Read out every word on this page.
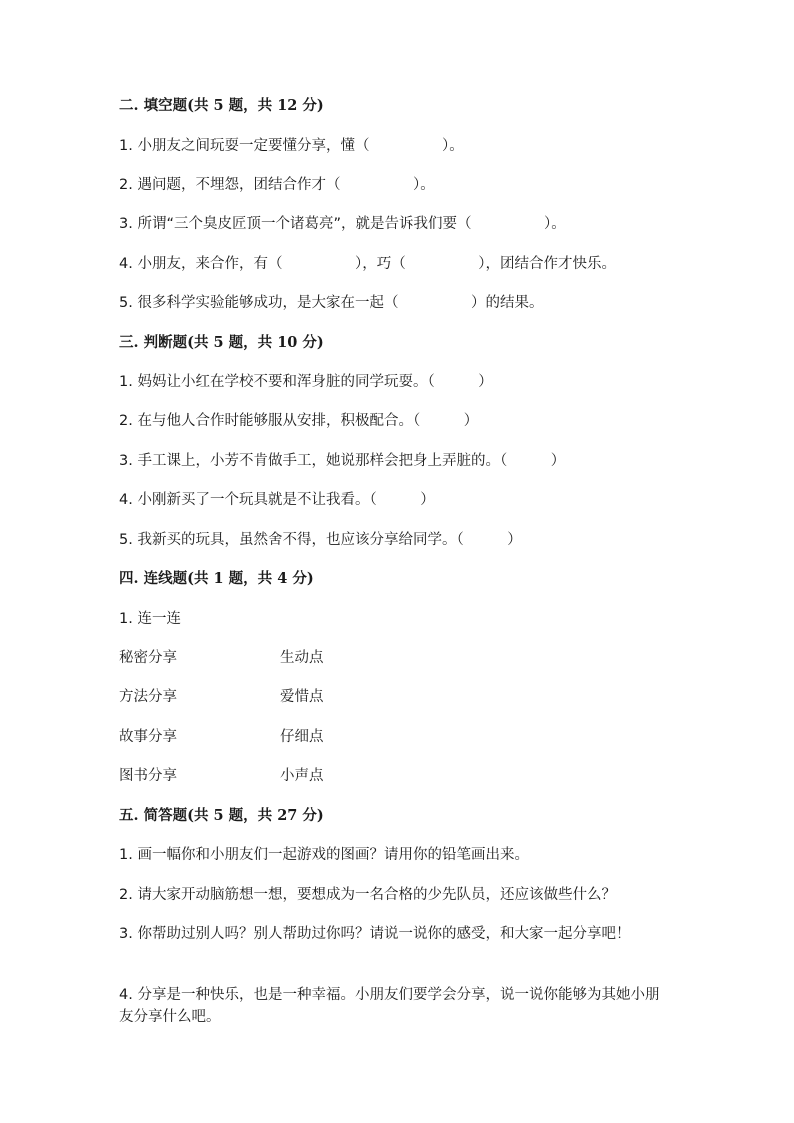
二. 填空题(共 5 题，共 12 分)
1. 小朋友之间玩耍一定要懂分享，懂（　　　　　）。
2. 遇问题，不埋怨，团结合作才（　　　　　）。
3. 所谓“三个臭皮匠顶一个诸葛亮”，就是告诉我们要（　　　　　）。
4. 小朋友，来合作，有（　　　　　），巧（　　　　　），团结合作才快乐。
5. 很多科学实验能够成功，是大家在一起（　　　　　）的结果。
三. 判断题(共 5 题，共 10 分)
1. 妈妈让小红在学校不要和浑身脏的同学玩耍。（　　　）
2. 在与他人合作时能够服从安排，积极配合。（　　　）
3. 手工课上，小芳不肯做手工，她说那样会把身上弄脏的。（　　　）
4. 小刚新买了一个玩具就是不让我看。（　　　）
5. 我新买的玩具，虽然舍不得，也应该分享给同学。（　　　）
四. 连线题(共 1 题，共 4 分)
1. 连一连
秘密分享	生动点
方法分享	爱惜点
故事分享	仔细点
图书分享	小声点
五. 简答题(共 5 题，共 27 分)
1. 画一幅你和小朋友们一起游戏的图画？请用你的铅笔画出来。
2. 请大家开动脑筋想一想，要想成为一名合格的少先队员，还应该做些什么？
3. 你帮助过别人吗？别人帮助过你吗？请说一说你的感受，和大家一起分享吧！
4. 分享是一种快乐，也是一种幸福。小朋友们要学会分享，说一说你能够为其她小朋友分享什么吧。
